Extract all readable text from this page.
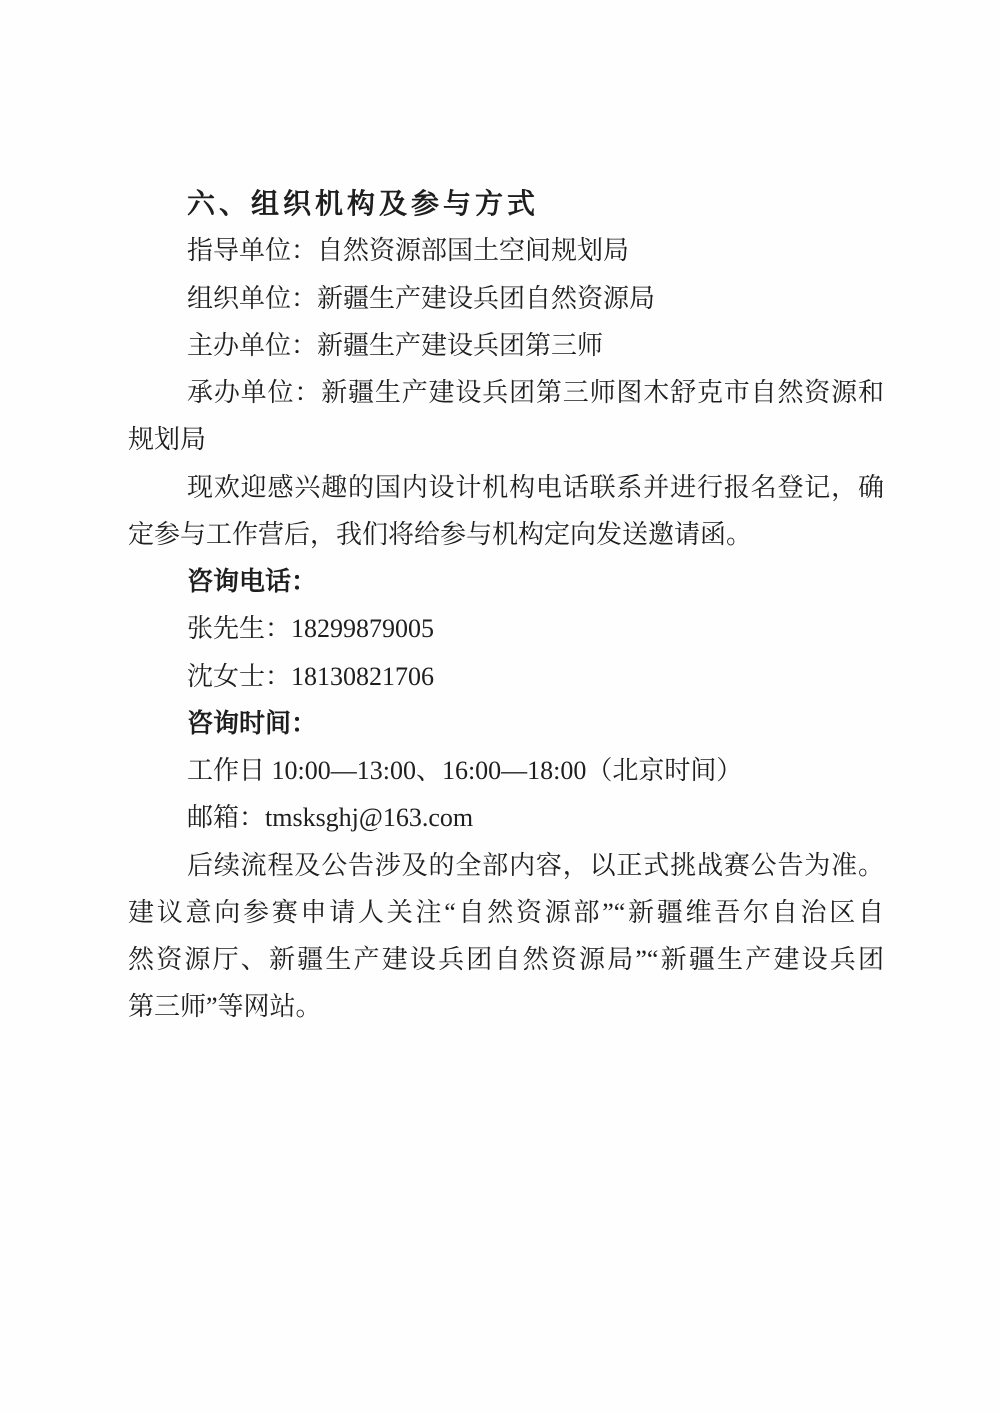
六、组织机构及参与方式
指导单位：自然资源部国土空间规划局
组织单位：新疆生产建设兵团自然资源局
主办单位：新疆生产建设兵团第三师
承办单位：新疆生产建设兵团第三师图木舒克市自然资源和
规划局
现欢迎感兴趣的国内设计机构电话联系并进行报名登记，确
定参与工作营后，我们将给参与机构定向发送邀请函。
咨询电话：
张先生：18299879005
沈女士：18130821706
咨询时间：
工作日 10:00—13:00、16:00—18:00（北京时间）
邮箱：tmsksghj@163.com
后续流程及公告涉及的全部内容，以正式挑战赛公告为准。
建议意向参赛申请人关注“自然资源部”“新疆维吾尔自治区自
然资源厅、新疆生产建设兵团自然资源局”“新疆生产建设兵团
第三师”等网站。
